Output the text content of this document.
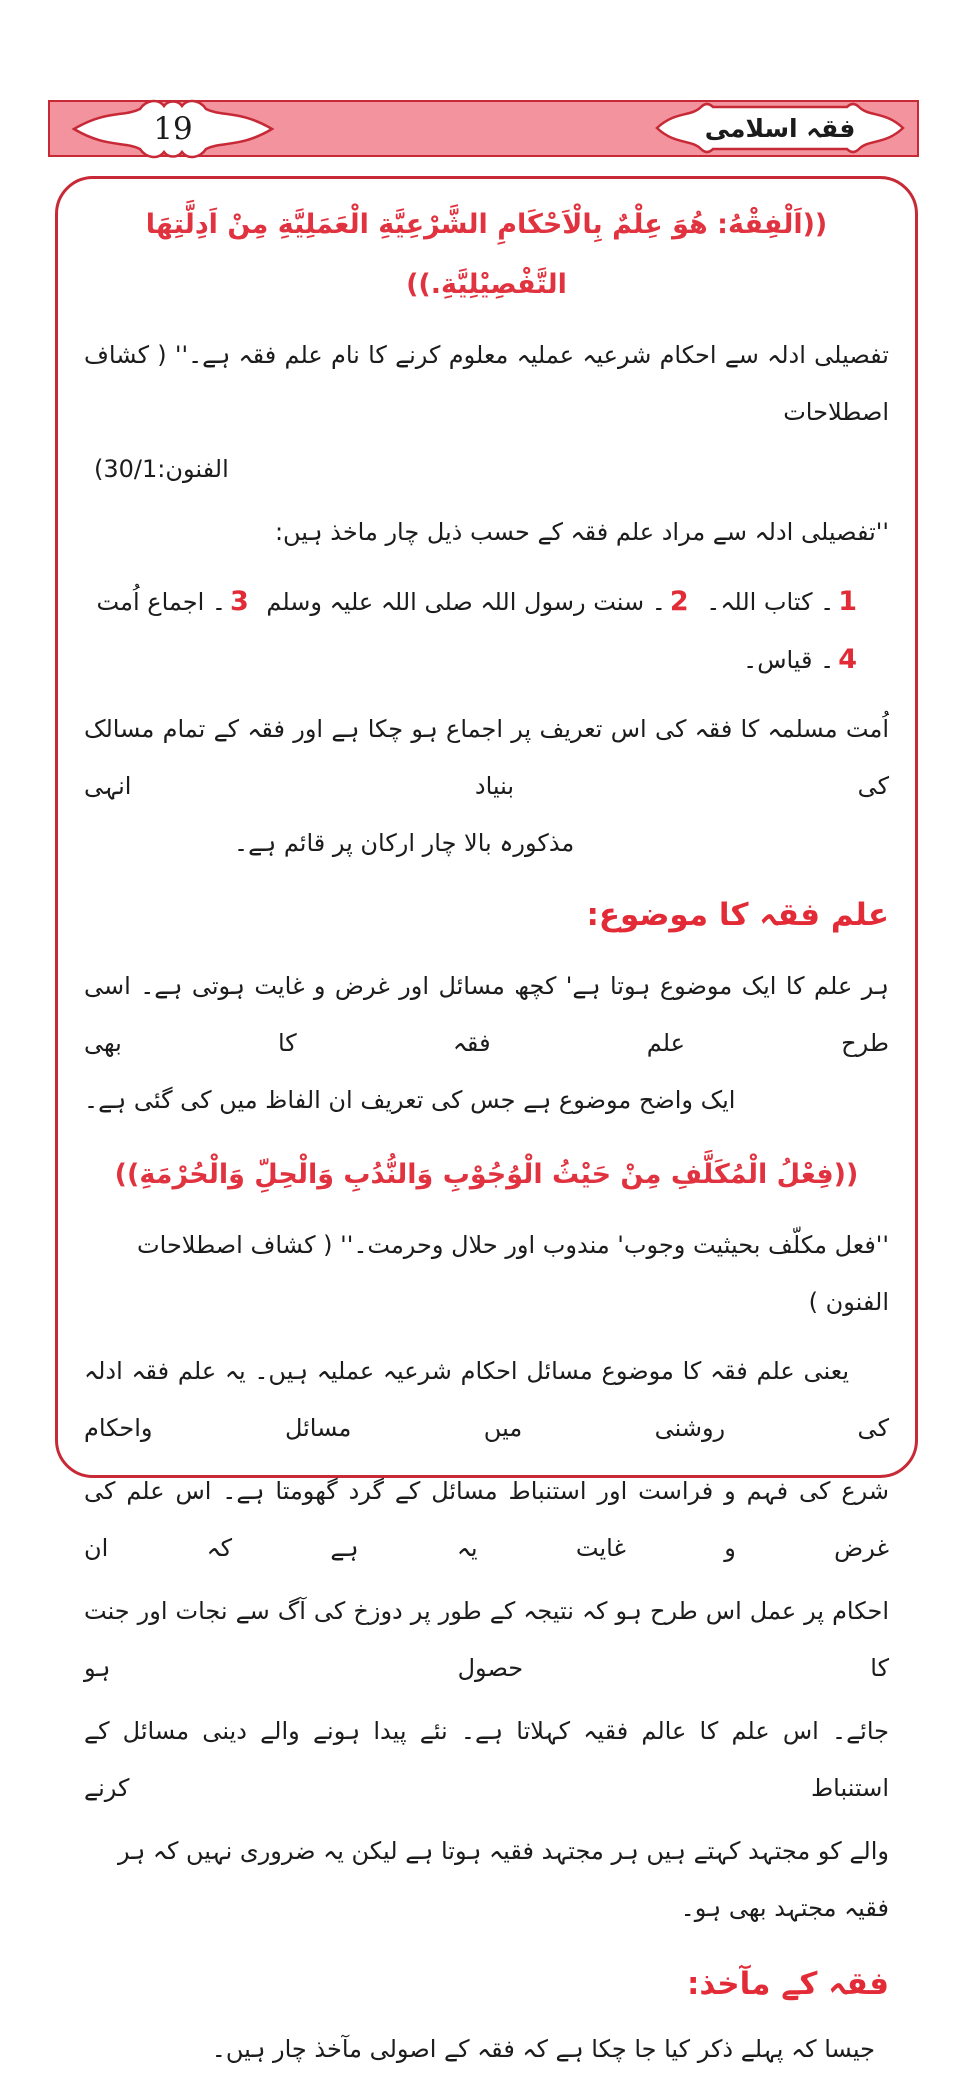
19	فقہ اسلامی
((اَلْفِقْهُ: هُوَ عِلْمٌ بِالْاَحْكَامِ الشَّرْعِيَّةِ الْعَمَلِيَّةِ مِنْ اَدِلَّتِهَا التَّفْصِيْلِيَّةِ.))
تفصیلی ادلہ سے احکام شرعیہ عملیہ معلوم کرنے کا نام علم فقہ ہے۔'' ( کشاف اصطلاحات
الفنون:30/1)
''تفصیلی ادلہ سے مراد علم فقہ کے حسب ذیل چار ماخذ ہیں:
1۔ کتاب اللہ۔ 2۔ سنت رسول اللہ صلی اللہ علیہ وسلم 3۔ اجماع اُمت 4۔ قیاس۔
اُمت مسلمہ کا فقہ کی اس تعریف پر اجماع ہو چکا ہے اور فقہ کے تمام مسالک کی بنیاد انہی
مذکورہ بالا چار ارکان پر قائم ہے۔
علم فقہ کا موضوع:
ہر علم کا ایک موضوع ہوتا ہے' کچھ مسائل اور غرض و غایت ہوتی ہے۔ اسی طرح علم فقہ کا بھی
ایک واضح موضوع ہے جس کی تعریف ان الفاظ میں کی گئی ہے۔
((فِعْلُ الْمُكَلَّفِ مِنْ حَيْثُ الْوُجُوْبِ وَالنُّدُبِ وَالْحِلِّ وَالْحُرْمَةِ))
''فعل مکلّف بحیثیت وجوب' مندوب اور حلال وحرمت۔'' ( کشاف اصطلاحات الفنون )
یعنی علم فقہ کا موضوع مسائل احکام شرعیہ عملیہ ہیں۔ یہ علم فقہ ادلہ کی روشنی میں مسائل واحکام
شرع کی فہم و فراست اور استنباط مسائل کے گرد گھومتا ہے۔ اس علم کی غرض و غایت یہ ہے کہ ان
احکام پر عمل اس طرح ہو کہ نتیجہ کے طور پر دوزخ کی آگ سے نجات اور جنت کا حصول ہو
جائے۔ اس علم کا عالم فقیہ کہلاتا ہے۔ نئے پیدا ہونے والے دینی مسائل کے استنباط کرنے
والے کو مجتہد کہتے ہیں ہر مجتہد فقیہ ہوتا ہے لیکن یہ ضروری نہیں کہ ہر فقیہ مجتہد بھی ہو۔
فقہ کے مآخذ:
جیسا کہ پہلے ذکر کیا جا چکا ہے کہ فقہ کے اصولی مآخذ چار ہیں۔
